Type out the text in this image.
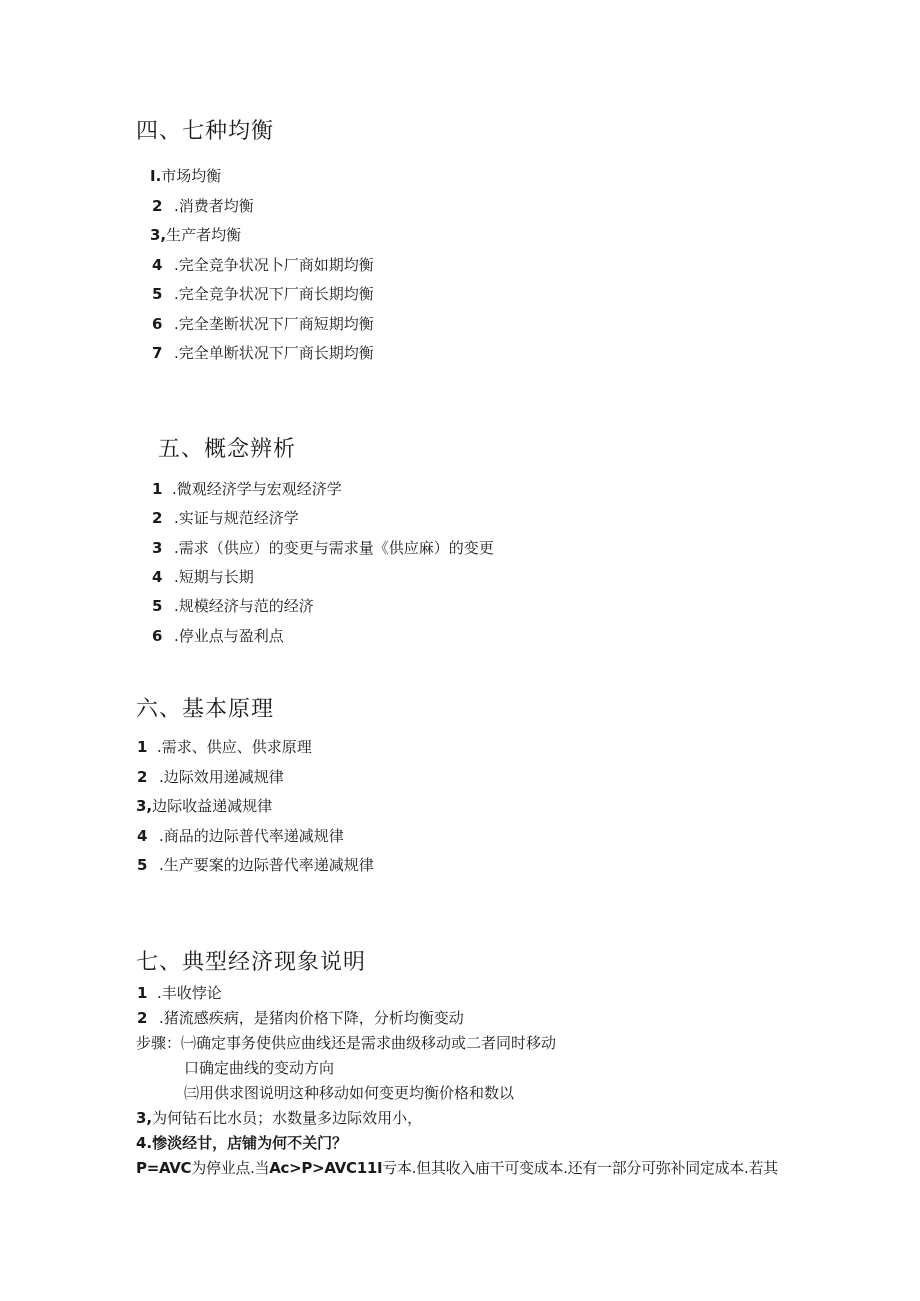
四、七种均衡
I.市场均衡
2 .消费者均衡
3,生产者均衡
4 .完全竞争状况卜厂商如期均衡
5 .完全竞争状况下厂商长期均衡
6 .完全垄断状况下厂商短期均衡
7 .完全单断状况下厂商长期均衡
五、概念辨析
1 .微观经济学与宏观经济学
2 .实证与规范经济学
3 .需求（供应）的变更与需求量《供应麻）的变更
4 .短期与长期
5 .规模经济与范的经济
6 .停业点与盈利点
六、基本原理
1 .需求、供应、供求原理
2 .边际效用递减规律
3,边际收益递减规律
4 .商品的边际普代率递减规律
5 .生产要案的边际普代率递减规律
七、典型经济现象说明
1 .丰收悖论
2 .猪流感疾病，是猪肉价格下降，分析均衡变动
步骤：㈠确定事务使供应曲线还是需求曲级移动或二者同时移动
口确定曲线的变动方向
㈢用供求图说明这种移动如何变更均衡价格和数以
3,为何钻石比水员；水数量多边际效用小，
4.惨淡经甘，店铺为何不关门？
P=AVC为停业点.当Ac>P>AVC11I亏本.但其收入庙干可变成本.还有一部分可弥补同定成本.若其
